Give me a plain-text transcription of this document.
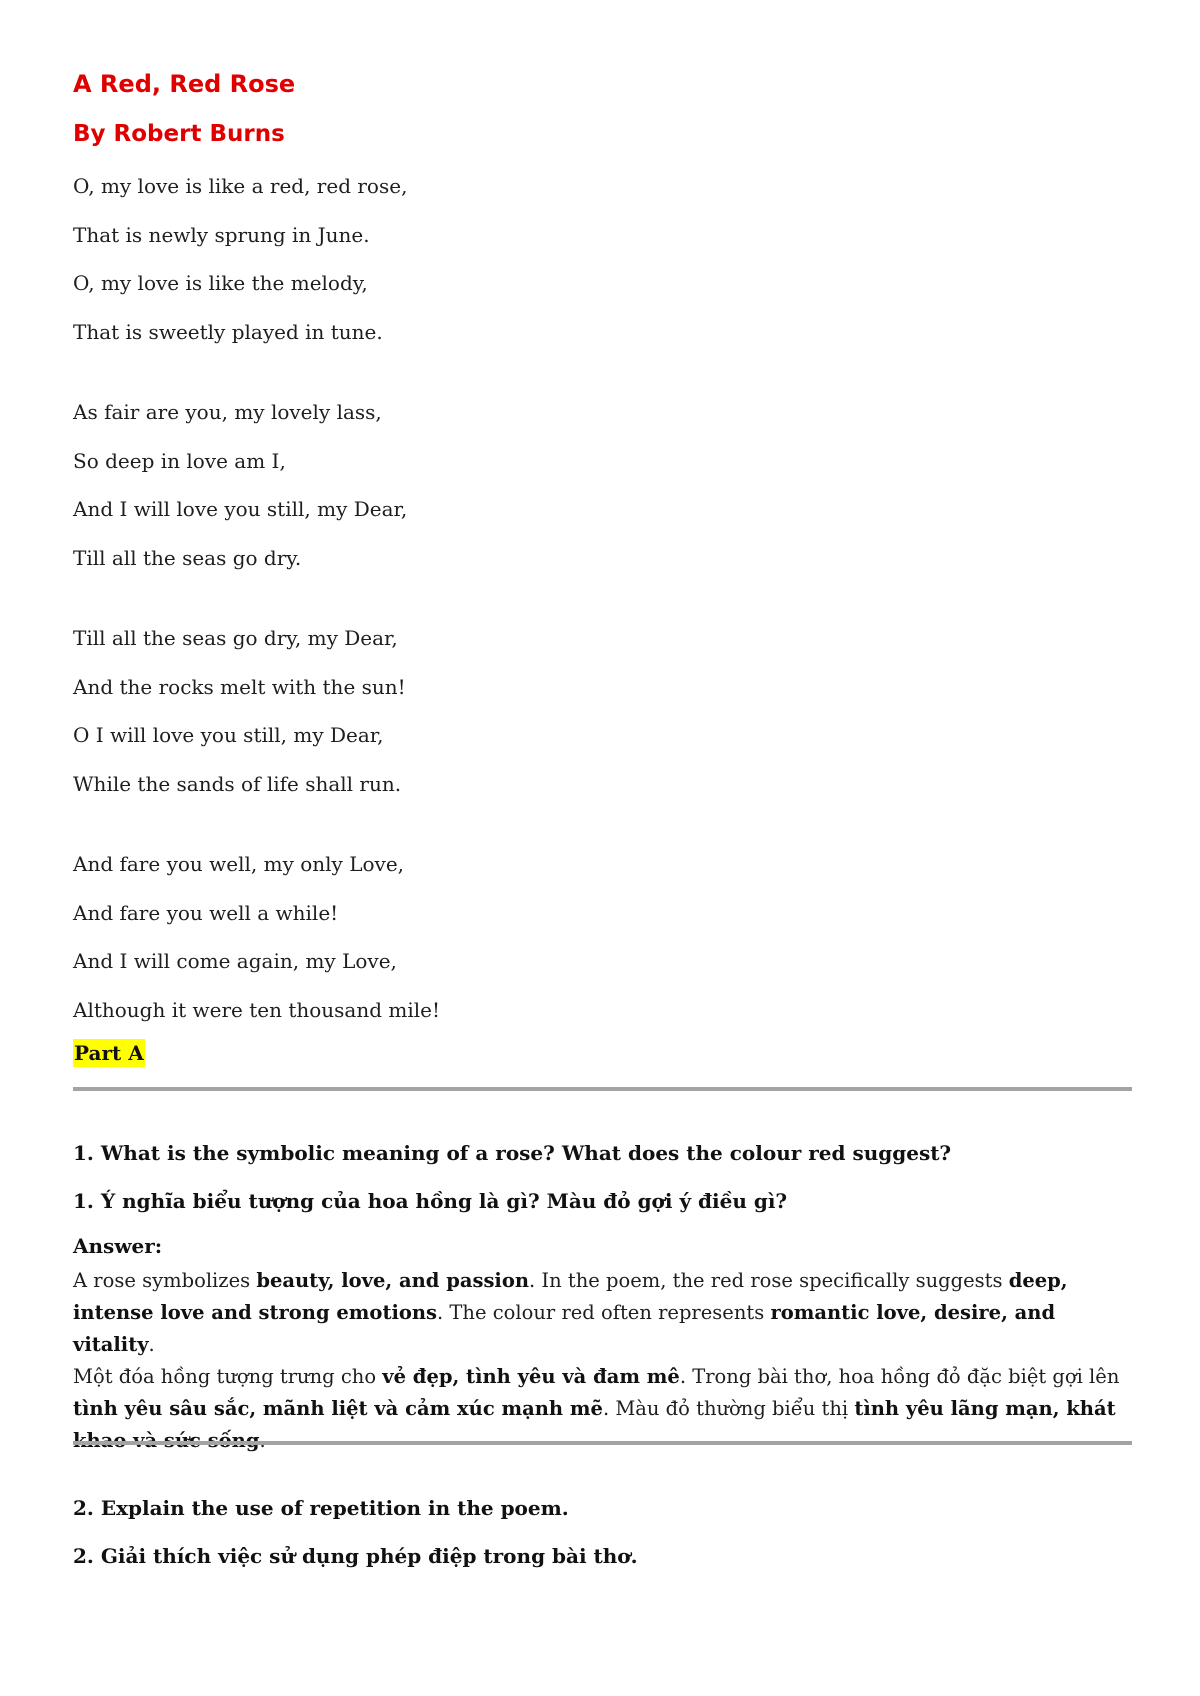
A Red, Red Rose
By Robert Burns
O, my love is like a red, red rose,
That is newly sprung in June.
O, my love is like the melody,
That is sweetly played in tune.
As fair are you, my lovely lass,
So deep in love am I,
And I will love you still, my Dear,
Till all the seas go dry.
Till all the seas go dry, my Dear,
And the rocks melt with the sun!
O I will love you still, my Dear,
While the sands of life shall run.
And fare you well, my only Love,
And fare you well a while!
And I will come again, my Love,
Although it were ten thousand mile!
Part A

1. What is the symbolic meaning of a rose? What does the colour red suggest?

1. Ý nghĩa biểu tượng của hoa hồng là gì? Màu đỏ gợi ý điều gì?

Answer:

A rose symbolizes beauty, love, and passion. In the poem, the red rose specifically suggests deep, intense love and strong emotions. The colour red often represents romantic love, desire, and vitality.
Một đóa hồng tượng trưng cho vẻ đẹp, tình yêu và đam mê. Trong bài thơ, hoa hồng đỏ đặc biệt gợi lên tình yêu sâu sắc, mãnh liệt và cảm xúc mạnh mẽ. Màu đỏ thường biểu thị tình yêu lãng mạn, khát

2. Explain the use of repetition in the poem.

2. Giải thích việc sử dụng phép điệp trong bài thơ.
